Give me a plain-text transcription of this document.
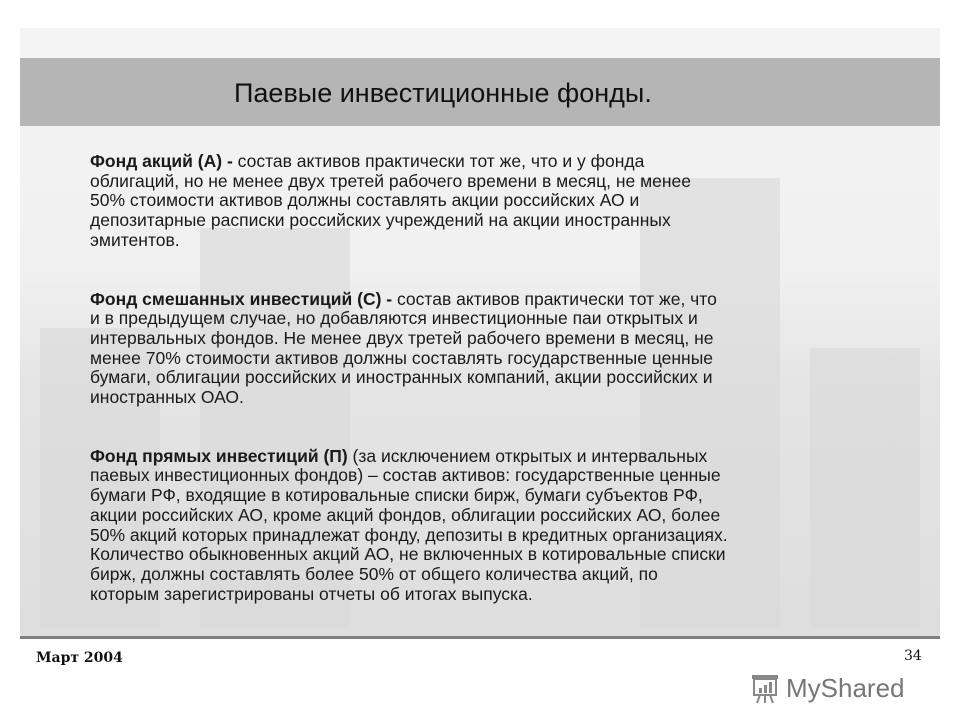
Паевые инвестиционные фонды.

Фонд акций (А) - состав активов практически тот же, что и у фонда
облигаций, но не менее двух третей рабочего времени в месяц, не менее
50% стоимости активов должны составлять акции российских АО и
депозитарные расписки российских учреждений на акции иностранных
эмитентов.

Фонд смешанных инвестиций (С) - состав активов практически тот же, что
и в предыдущем случае, но добавляются инвестиционные паи открытых и
интервальных фондов. Не менее двух третей рабочего времени в месяц, не
менее 70% стоимости активов должны составлять государственные ценные
бумаги, облигации российских и иностранных компаний, акции российских и
иностранных ОАО.

Фонд прямых инвестиций (П) (за исключением открытых и интервальных
паевых инвестиционных фондов) – состав активов: государственные ценные
бумаги РФ, входящие в котировальные списки бирж, бумаги субъектов РФ,
акции российских АО, кроме акций фондов, облигации российских АО, более
50% акций которых принадлежат фонду, депозиты в кредитных организациях.
Количество обыкновенных акций АО, не включенных в котировальные списки
бирж, должны составлять более 50% от общего количества акций, по
которым зарегистрированы отчеты об итогах выпуска.

Март 2004
MyShared
34
